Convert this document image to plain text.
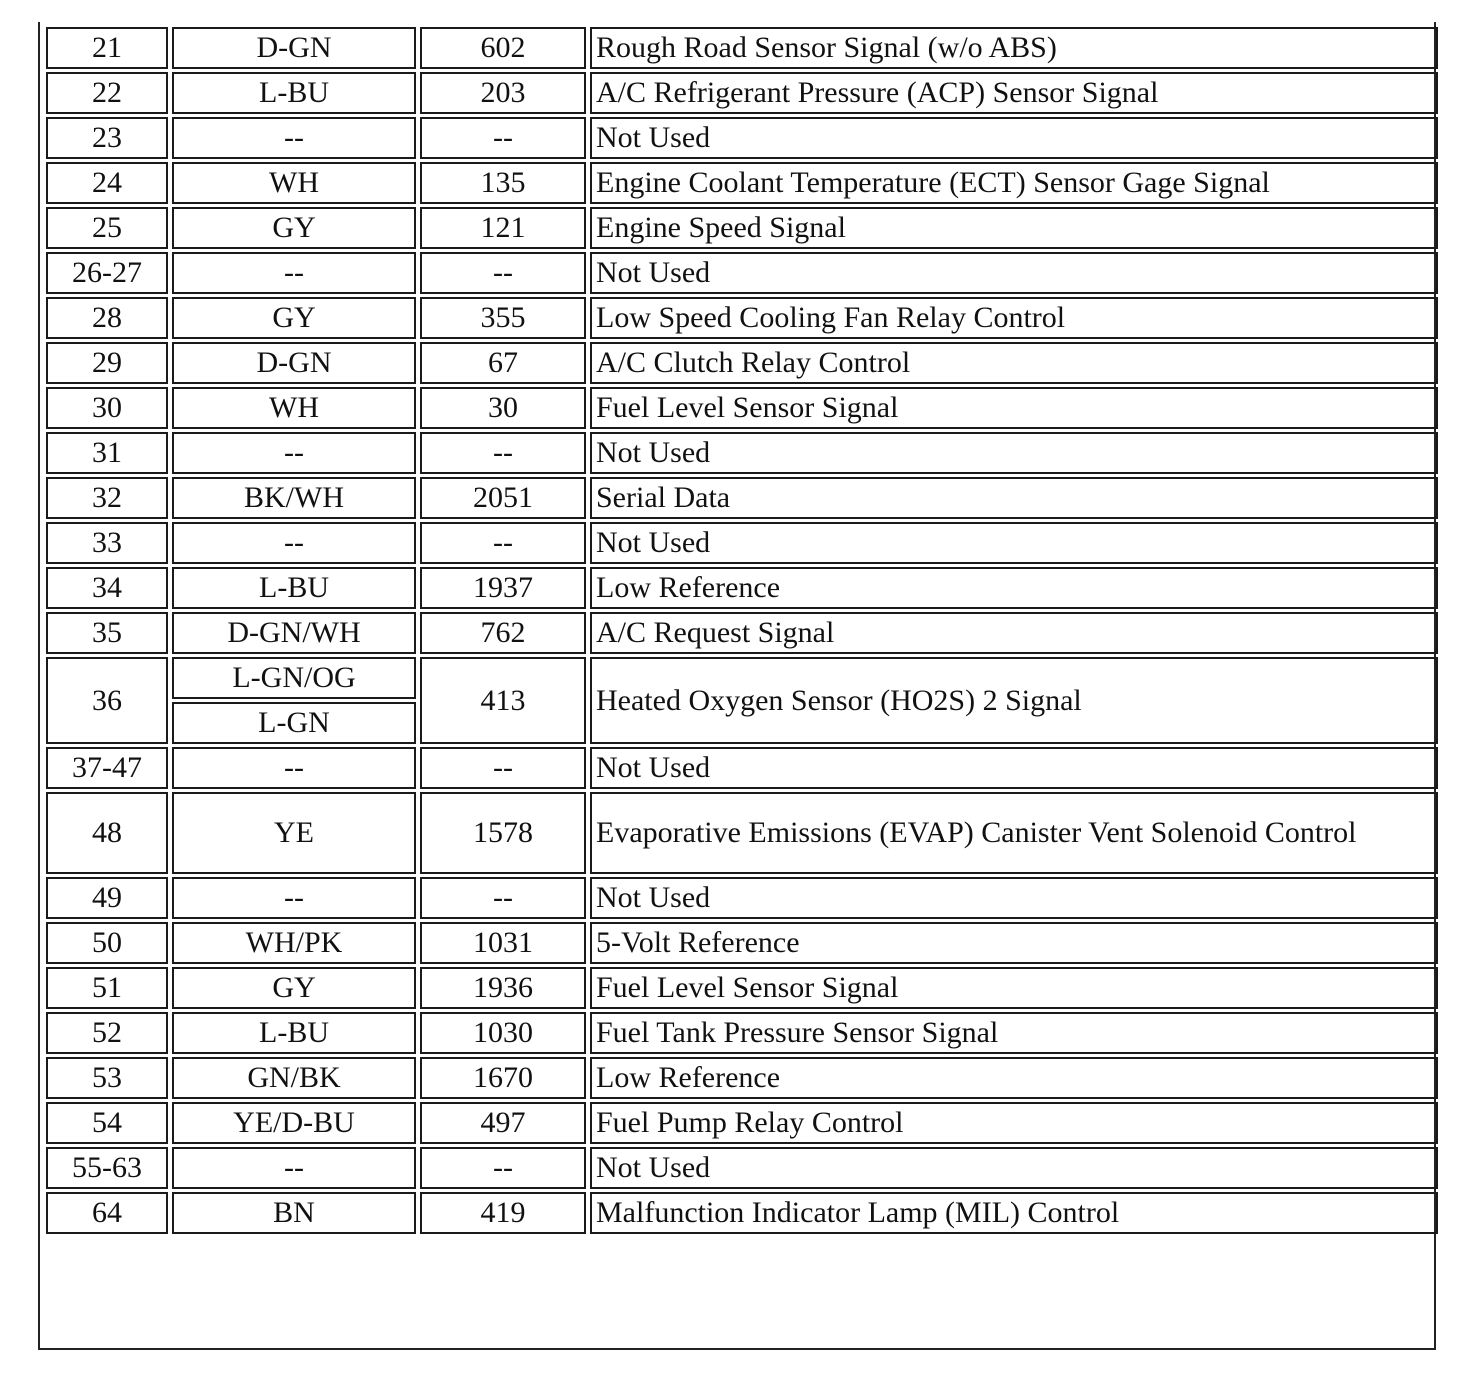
21	D-GN	602	Rough Road Sensor Signal (w/o ABS)
22	L-BU	203	A/C Refrigerant Pressure (ACP) Sensor Signal
23	--	--	Not Used
24	WH	135	Engine Coolant Temperature (ECT) Sensor Gage Signal
25	GY	121	Engine Speed Signal
26-27	--	--	Not Used
28	GY	355	Low Speed Cooling Fan Relay Control
29	D-GN	67	A/C Clutch Relay Control
30	WH	30	Fuel Level Sensor Signal
31	--	--	Not Used
32	BK/WH	2051	Serial Data
33	--	--	Not Used
34	L-BU	1937	Low Reference
35	D-GN/WH	762	A/C Request Signal
36	L-GN/OG	413	Heated Oxygen Sensor (HO2S) 2 Signal
	L-GN		
37-47	--	--	Not Used
48	YE	1578	Evaporative Emissions (EVAP) Canister Vent Solenoid Control
49	--	--	Not Used
50	WH/PK	1031	5-Volt Reference
51	GY	1936	Fuel Level Sensor Signal
52	L-BU	1030	Fuel Tank Pressure Sensor Signal
53	GN/BK	1670	Low Reference
54	YE/D-BU	497	Fuel Pump Relay Control
55-63	--	--	Not Used
64	BN	419	Malfunction Indicator Lamp (MIL) Control
